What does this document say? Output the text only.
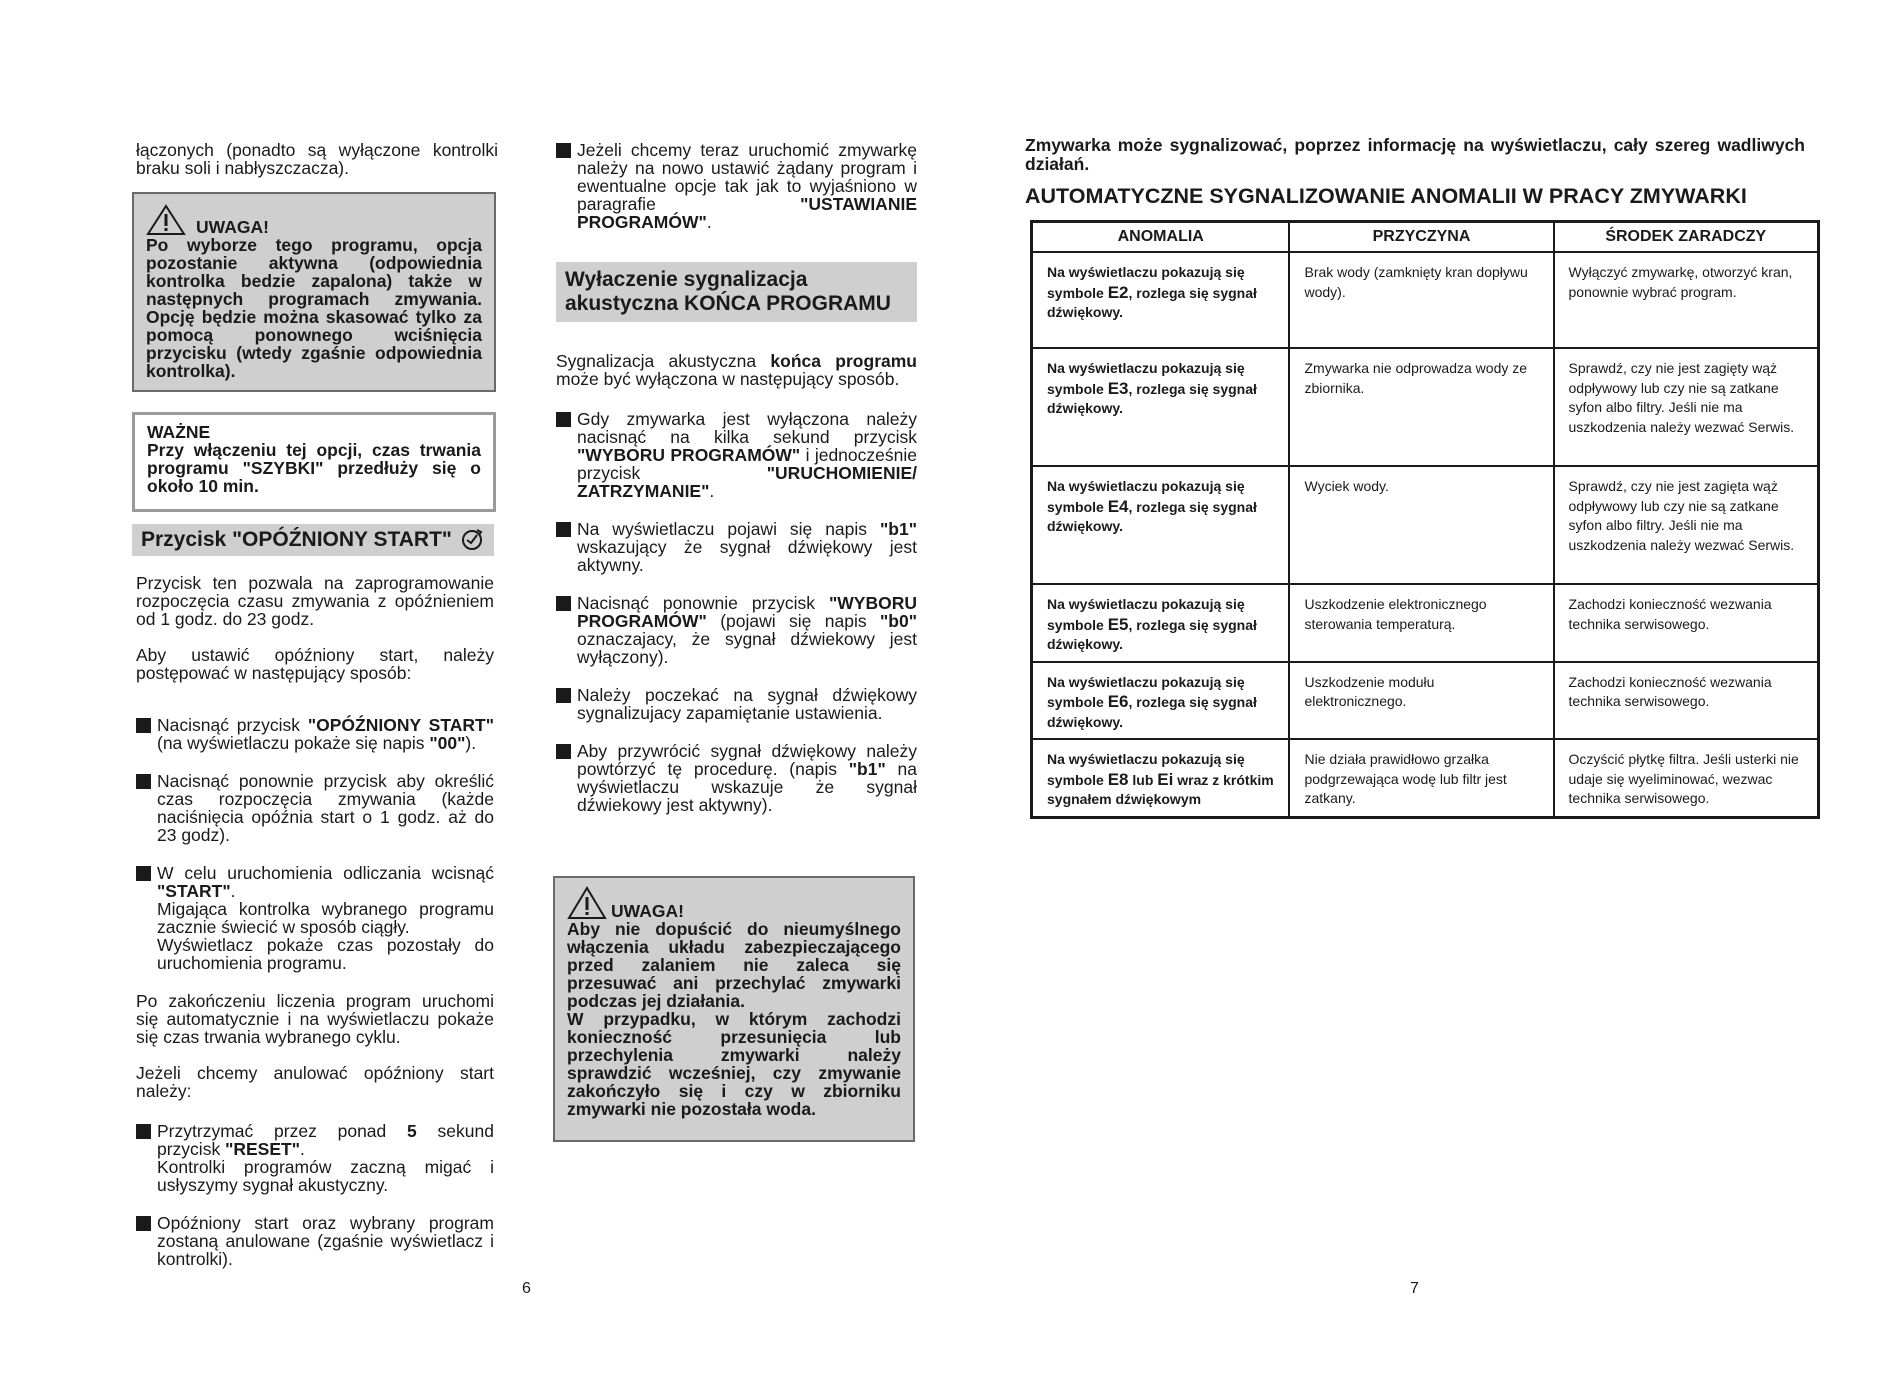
łączonych (ponadto są wyłączone kontrolki braku soli i nabłyszczacza).

UWAGA!
Po wyborze tego programu, opcja pozostanie aktywna (odpowiednia kontrolka bedzie zapalona) także w następnych programach zmywania. Opcję będzie można skasować tylko za pomocą ponownego wciśnięcia przycisku (wtedy zgaśnie odpowiednia kontrolka).
WAŻNE
Przy włączeniu tej opcji, czas trwania programu "SZYBKI" przedłuży się o około 10 min.
Przycisk "OPÓŹNIONY START"

Przycisk ten pozwala na zaprogramowanie rozpoczęcia czasu zmywania z opóźnieniem od 1 godz. do 23 godz.

Aby ustawić opóźniony start, należy postępować w następujący sposób:

Nacisnąć przycisk "OPÓŹNIONY START" (na wyświetlaczu pokaże się napis "00").
Nacisnąć ponownie przycisk aby określić czas rozpoczęcia zmywania (każde naciśnięcia opóźnia start o 1 godz. aż do 23 godz).
W celu uruchomienia odliczania wcisnąć "START".
Migająca kontrolka wybranego programu zacznie świecić w sposób ciągły.
Wyświetlacz pokaże czas pozostały do uruchomienia programu.

Po zakończeniu liczenia program uruchomi się automatycznie i na wyświetlaczu pokaże się czas trwania wybranego cyklu.

Jeżeli chcemy anulować opóźniony start należy:

Przytrzymać przez ponad 5 sekund przycisk "RESET".
Kontrolki programów zaczną migać i usłyszymy sygnał akustyczny.
Opóźniony start oraz wybrany program zostaną anulowane (zgaśnie wyświetlacz i kontrolki).
6
Jeżeli chcemy teraz uruchomić zmywarkę należy na nowo ustawić żądany program i ewentualne opcje tak jak to wyjaśniono w paragrafie "USTAWIANIE PROGRAMÓW".
Wyłaczenie sygnalizacja
akustyczna KOŃCA PROGRAMU

Sygnalizacja akustyczna końca programu może być wyłączona w następujący sposób.

Gdy zmywarka jest wyłączona należy nacisnąć na kilka sekund przycisk "WYBORU PROGRAMÓW" i jednocześnie przycisk "URUCHOMIENIE/ ZATRZYMANIE".
Na wyświetlaczu pojawi się napis "b1" wskazujący że sygnał dźwiękowy jest aktywny.
Nacisnąć ponownie przycisk "WYBORU PROGRAMÓW" (pojawi się napis "b0" oznaczajacy, że sygnał dźwiekowy jest wyłączony).
Należy poczekać na sygnał dźwiękowy sygnalizujacy zapamiętanie ustawienia.
Aby przywrócić sygnał dźwiękowy należy powtórzyć tę procedurę. (napis "b1" na wyświetlaczu wskazuje że sygnał dźwiekowy jest aktywny).
UWAGA!
Aby nie dopuścić do nieumyślnego włączenia układu zabezpieczającego przed zalaniem nie zaleca się przesuwać ani przechylać zmywarki podczas jej działania.
W przypadku, w którym zachodzi konieczność przesunięcia lub przechylenia zmywarki należy sprawdzić wcześniej, czy zmywanie zakończyło się i czy w zbiorniku zmywarki nie pozostała woda.
Zmywarka może sygnalizować, poprzez informację na wyświetlaczu, cały szereg wadliwych działań.
AUTOMATYCZNE SYGNALIZOWANIE ANOMALII W PRACY ZMYWARKI
ANOMALIA	PRZYCZYNA	ŚRODEK ZARADCZY
Na wyświetlaczu pokazują się symbole E2, rozlega się sygnał dźwiękowy.	Brak wody (zamknięty kran dopływu wody).	Wyłączyć zmywarkę, otworzyć kran, ponownie wybrać program.
Na wyświetlaczu pokazują się symbole E3, rozlega się sygnał dźwiękowy.	Zmywarka nie odprowadza wody ze zbiornika.	Sprawdź, czy nie jest zagięty wąż odpływowy lub czy nie są zatkane syfon albo filtry. Jeśli nie ma uszkodzenia należy wezwać Serwis.
Na wyświetlaczu pokazują się symbole E4, rozlega się sygnał dźwiękowy.	Wyciek wody.	Sprawdź, czy nie jest zagięta wąż odpływowy lub czy nie są zatkane syfon albo filtry. Jeśli nie ma uszkodzenia należy wezwać Serwis.
Na wyświetlaczu pokazują się symbole E5, rozlega się sygnał dźwiękowy.	Uszkodzenie elektronicznego sterowania temperaturą.	Zachodzi konieczność wezwania technika serwisowego.
Na wyświetlaczu pokazują się symbole E6, rozlega się sygnał dźwiękowy.	Uszkodzenie modułu elektronicznego.	Zachodzi konieczność wezwania technika serwisowego.
Na wyświetlaczu pokazują się symbole E8 lub Ei wraz z krótkim sygnałem dźwiękowym	Nie działa prawidłowo grzałka podgrzewająca wodę lub filtr jest zatkany.	Oczyścić płytkę filtra. Jeśli usterki nie udaje się wyeliminować, wezwac technika serwisowego.
7
